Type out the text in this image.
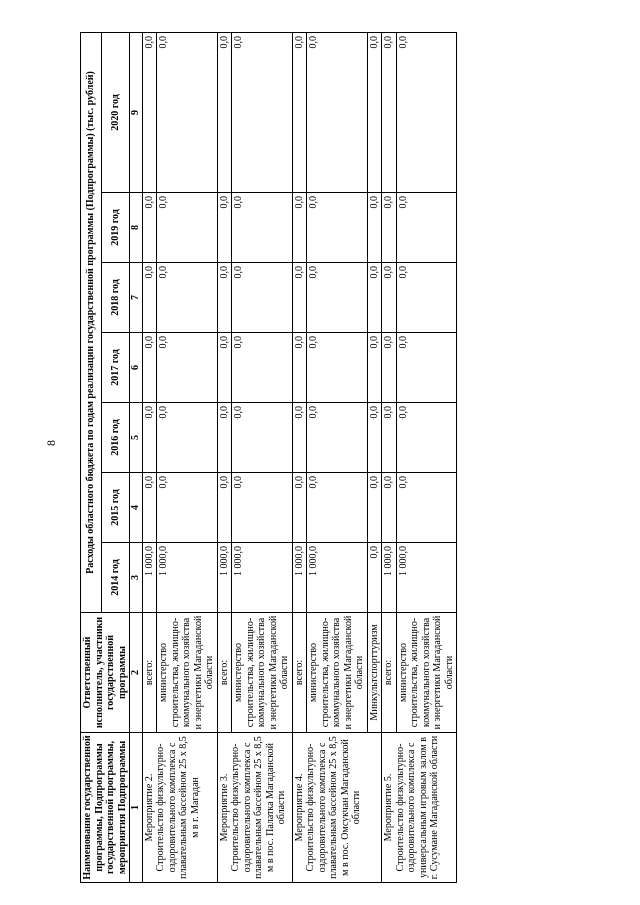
8
Наименование государственной программы, Подпрограммы государственной программы, мероприятия Подпрограммы	Ответственный исполнитель, участники государственной программы	Расходы областного бюджета по годам реализации государственной программы (Подпрограммы) (тыс. рублей)						
		2014 год	2015 год	2016 год	2017 год	2018 год	2019 год	2020 год
1	2	3	4	5	6	7	8	9

Мероприятие 2. Строительство физкультурно-оздоровительного комплекса с плавательным бассейном 25 х 8,5 м в г. Магадан	всего:	1 000,0	0,0	0,0	0,0	0,0	0,0	0,0
	министерство строительства, жилищно-коммунального хозяйства и энергетики Магаданской области	1 000,0	0,0	0,0	0,0	0,0	0,0	0,0

Мероприятие 3. Строительство физкультурно-оздоровительного комплекса с плавательным бассейном 25 х 8,5 м в пос. Палатка Магаданской области	всего:	1 000,0	0,0	0,0	0,0	0,0	0,0	0,0
	министерство строительства, жилищно-коммунального хозяйства и энергетики Магаданской области	1 000,0	0,0	0,0	0,0	0,0	0,0	0,0

Мероприятие 4. Строительство физкультурно-оздоровительного комплекса с плавательным бассейном 25 х 8,5 м в пос. Омсукчан Магаданской области	всего:	1 000,0	0,0	0,0	0,0	0,0	0,0	0,0
	министерство строительства, жилищно-коммунального хозяйства и энергетики Магаданской области	1 000,0	0,0	0,0	0,0	0,0	0,0	0,0
	Минкультспорттуризм	0,0	0,0	0,0	0,0	0,0	0,0	0,0

Мероприятие 5. Строительство физкультурно-оздоровительного комплекса с универсальным игровым залом в г. Сусумане Магаданской области	всего:	1 000,0	0,0	0,0	0,0	0,0	0,0	0,0
	министерство строительства, жилищно-коммунального хозяйства и энергетики Магаданской области	1 000,0	0,0	0,0	0,0	0,0	0,0	0,0
